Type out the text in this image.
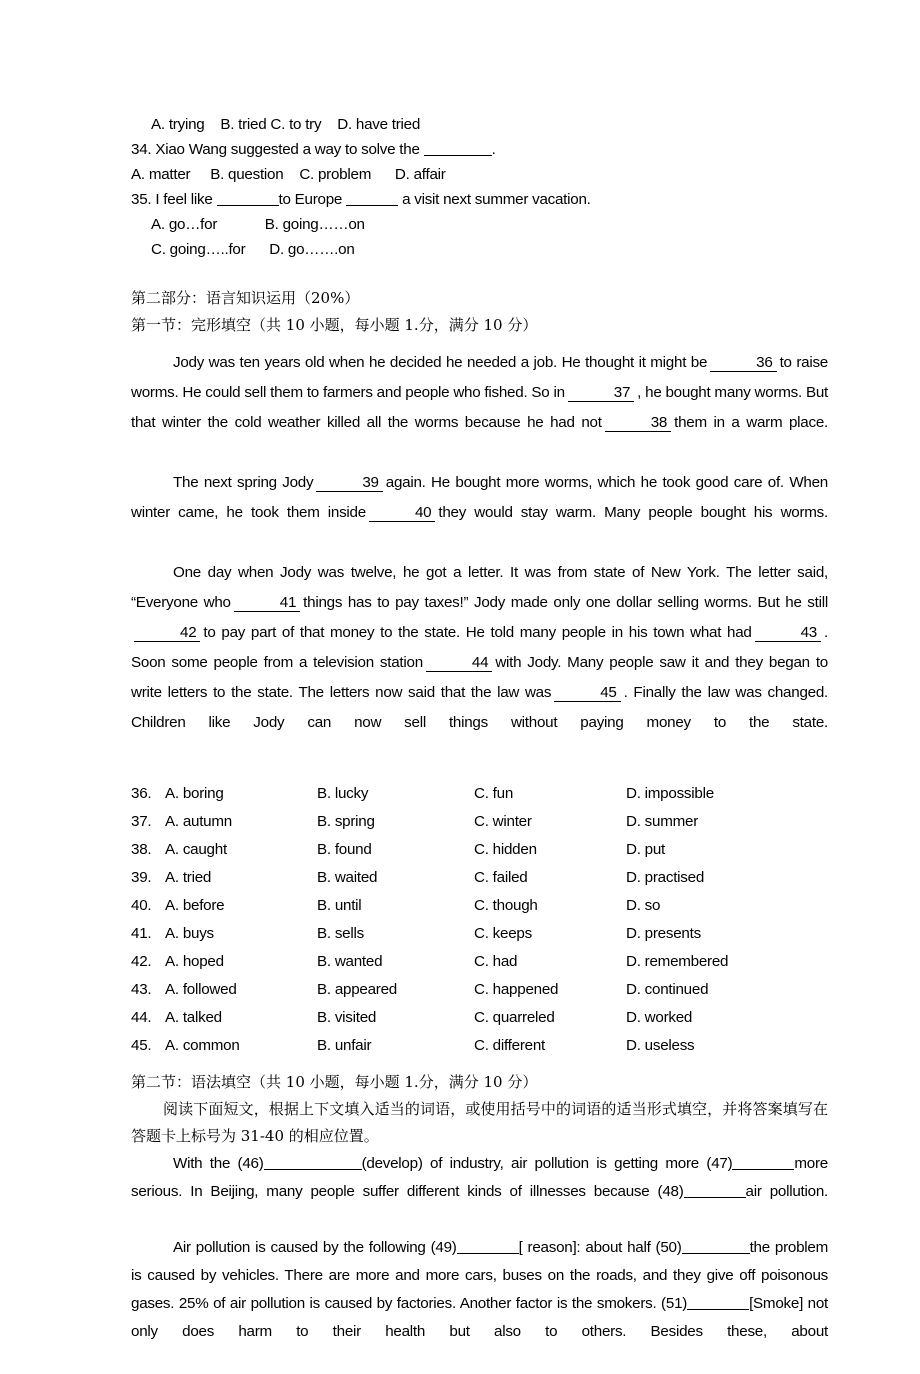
A. trying    B. tried C. to try    D. have tried
34. Xiao Wang suggested a way to solve the	.
A. matter     B. question    C. problem      D. affair
35. I feel like	to Europe	a visit next summer vacation.
A. go…for            B. going……on
C. going…..for      D. go…….on
第二部分：语言知识运用（20%）
第一节：完形填空（共 10 小题，每小题 1.分，满分 10 分）

Jody was ten years old when he decided he needed a job. He thought it might be	36 to raise worms. He could sell them to farmers and people who fished. So in	37 , he bought many worms. But that winter the cold weather killed all the worms because he had not	38 them in a warm place.

The next spring Jody	39 again. He bought more worms, which he took good care of. When winter came, he took them inside	40 they would stay warm. Many people bought his worms.

One day when Jody was twelve, he got a letter. It was from state of New York. The letter said, “Everyone who	41 things has to pay taxes!” Jody made only one dollar selling worms. But he still42 to pay part of that money to the state. He told many people in his town what had	43 . Soon some people from a television station	44 with Jody. Many people saw it and they began to write letters to the state. The letters now said that the law was	45 . Finally the law was changed. Children like Jody can now sell things without paying money to the state.

36. A. boring	B. lucky	C. fun	D. impossible
37. A. autumn	B. spring	C. winter	D. summer
38. A. caught	B. found	C. hidden	D. put
39. A. tried	B. waited	C. failed	D. practised
40. A. before	B. until	C. though	D. so
41. A. buys	B. sells	C. keeps	D. presents
42. A. hoped	B. wanted	C. had	D. remembered
43. A. followed	B. appeared	C. happened	D. continued
44. A. talked	B. visited	C. quarreled	D. worked
45. A. common	B. unfair	C. different	D. useless
第二节：语法填空（共 10 小题，每小题 1.分，满分 10 分）
阅读下面短文，根据上下文填入适当的词语，或使用括号中的词语的适当形式填空，并将答案填写在答题卡上标号为 31-40 的相应位置。

With the (46)	(develop) of industry, air pollution is getting more (47)	more serious. In Beijing, many people suffer different kinds of illnesses because (48)	air pollution.

Air pollution is caused by the following (49)	[ reason]: about half (50)	the problem is caused by vehicles. There are more and more cars, buses on the roads, and they give off poisonous gases. 25% of air pollution is caused by factories. Another factor is the smokers. (51)	[Smoke] not only does harm to their health but also to others. Besides these, about
